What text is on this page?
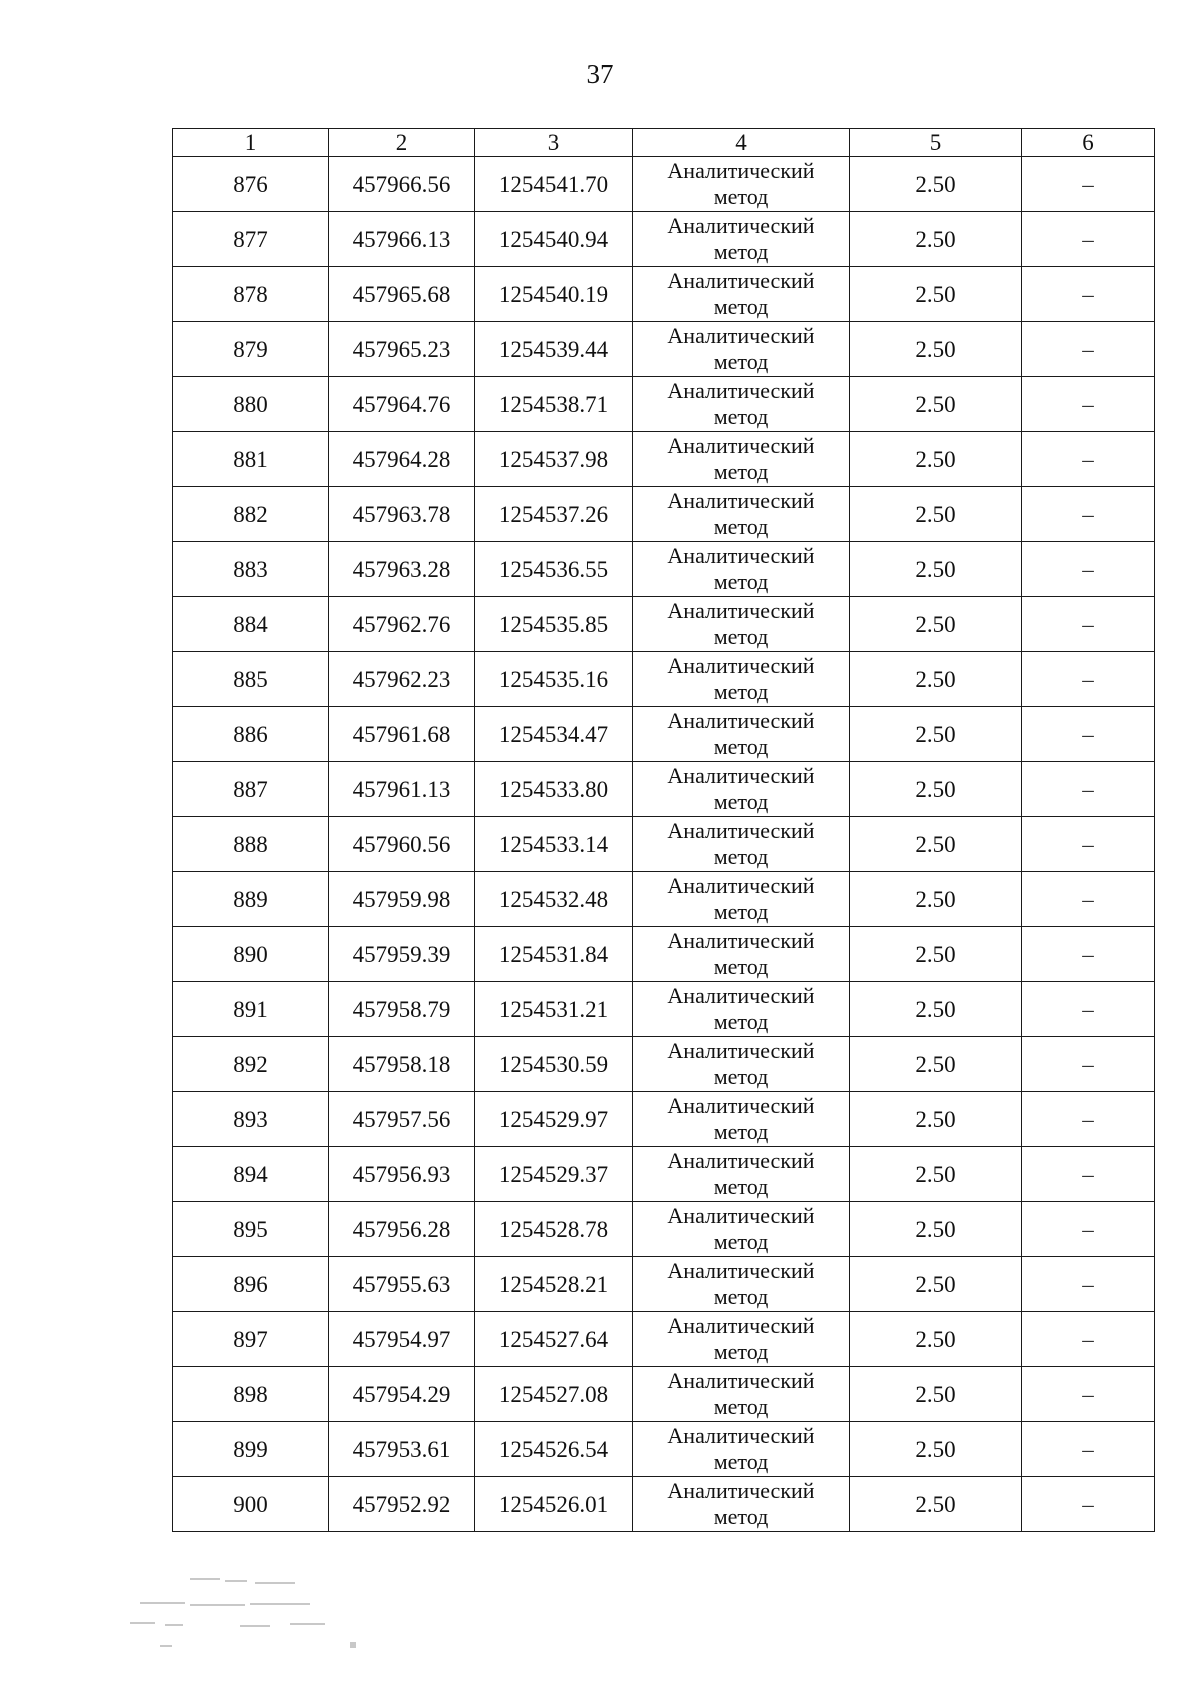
37
1	2	3	4	5	6
876	457966.56	1254541.70	Аналитический
метод	2.50	–
877	457966.13	1254540.94	Аналитический
метод	2.50	–
878	457965.68	1254540.19	Аналитический
метод	2.50	–
879	457965.23	1254539.44	Аналитический
метод	2.50	–
880	457964.76	1254538.71	Аналитический
метод	2.50	–
881	457964.28	1254537.98	Аналитический
метод	2.50	–
882	457963.78	1254537.26	Аналитический
метод	2.50	–
883	457963.28	1254536.55	Аналитический
метод	2.50	–
884	457962.76	1254535.85	Аналитический
метод	2.50	–
885	457962.23	1254535.16	Аналитический
метод	2.50	–
886	457961.68	1254534.47	Аналитический
метод	2.50	–
887	457961.13	1254533.80	Аналитический
метод	2.50	–
888	457960.56	1254533.14	Аналитический
метод	2.50	–
889	457959.98	1254532.48	Аналитический
метод	2.50	–
890	457959.39	1254531.84	Аналитический
метод	2.50	–
891	457958.79	1254531.21	Аналитический
метод	2.50	–
892	457958.18	1254530.59	Аналитический
метод	2.50	–
893	457957.56	1254529.97	Аналитический
метод	2.50	–
894	457956.93	1254529.37	Аналитический
метод	2.50	–
895	457956.28	1254528.78	Аналитический
метод	2.50	–
896	457955.63	1254528.21	Аналитический
метод	2.50	–
897	457954.97	1254527.64	Аналитический
метод	2.50	–
898	457954.29	1254527.08	Аналитический
метод	2.50	–
899	457953.61	1254526.54	Аналитический
метод	2.50	–
900	457952.92	1254526.01	Аналитический
метод	2.50	–
